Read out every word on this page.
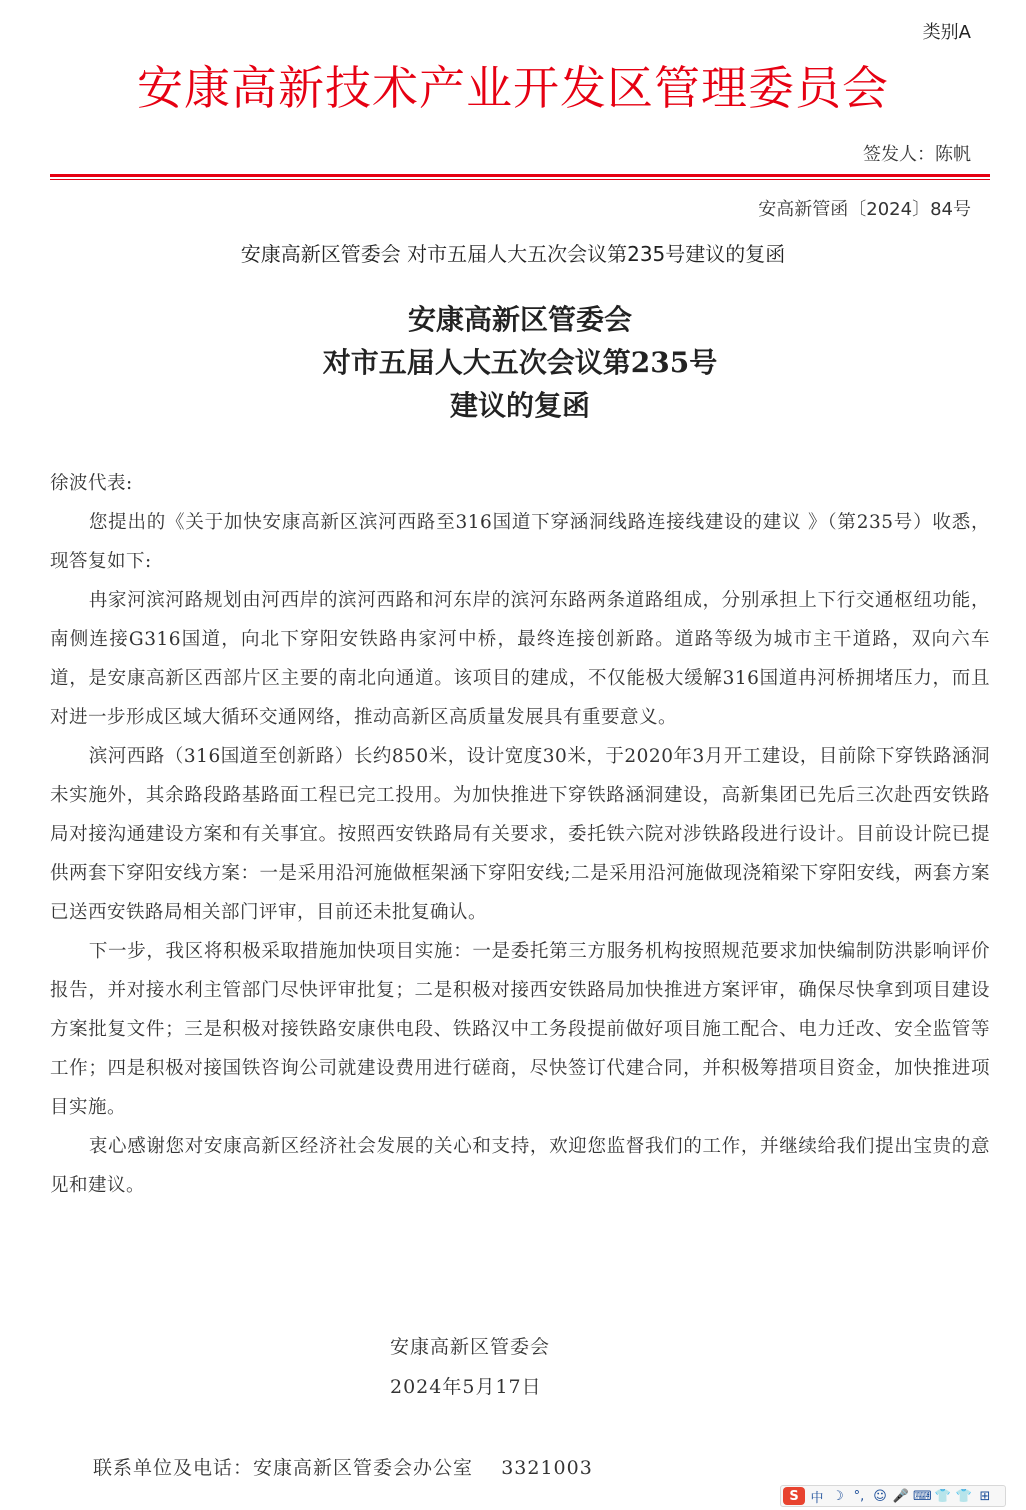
类别A
安康高新技术产业开发区管理委员会
签发人：陈帆
安高新管函〔2024〕84号
安康高新区管委会 对市五届人大五次会议第235号建议的复函
安康高新区管委会
对市五届人大五次会议第235号
建议的复函

徐波代表:

您提出的《关于加快安康高新区滨河西路至316国道下穿涵洞线路连接线建设的建议 》（第235号）收悉，现答复如下:

冉家河滨河路规划由河西岸的滨河西路和河东岸的滨河东路两条道路组成，分别承担上下行交通枢纽功能，南侧连接G316国道，向北下穿阳安铁路冉家河中桥，最终连接创新路。道路等级为城市主干道路，双向六车道，是安康高新区西部片区主要的南北向通道。该项目的建成，不仅能极大缓解316国道冉河桥拥堵压力，而且对进一步形成区域大循环交通网络，推动高新区高质量发展具有重要意义。

滨河西路（316国道至创新路）长约850米，设计宽度30米，于2020年3月开工建设，目前除下穿铁路涵洞未实施外，其余路段路基路面工程已完工投用。为加快推进下穿铁路涵洞建设，高新集团已先后三次赴西安铁路局对接沟通建设方案和有关事宜。按照西安铁路局有关要求，委托铁六院对涉铁路段进行设计。目前设计院已提供两套下穿阳安线方案：一是采用沿河施做框架涵下穿阳安线;二是采用沿河施做现浇箱梁下穿阳安线，两套方案已送西安铁路局相关部门评审，目前还未批复确认。

下一步，我区将积极采取措施加快项目实施：一是委托第三方服务机构按照规范要求加快编制防洪影响评价报告，并对接水利主管部门尽快评审批复；二是积极对接西安铁路局加快推进方案评审，确保尽快拿到项目建设方案批复文件；三是积极对接铁路安康供电段、铁路汉中工务段提前做好项目施工配合、电力迁改、安全监管等工作；四是积极对接国铁咨询公司就建设费用进行磋商，尽快签订代建合同，并积极筹措项目资金，加快推进项目实施。

衷心感谢您对安康高新区经济社会发展的关心和支持，欢迎您监督我们的工作，并继续给我们提出宝贵的意见和建议。

安康高新区管委会
2024年5月17日
联系单位及电话：安康高新区管委会办公室 3321003
S 中 ☽ °, ☺ 🎤 ⌨ 👕 👕 ⊞
